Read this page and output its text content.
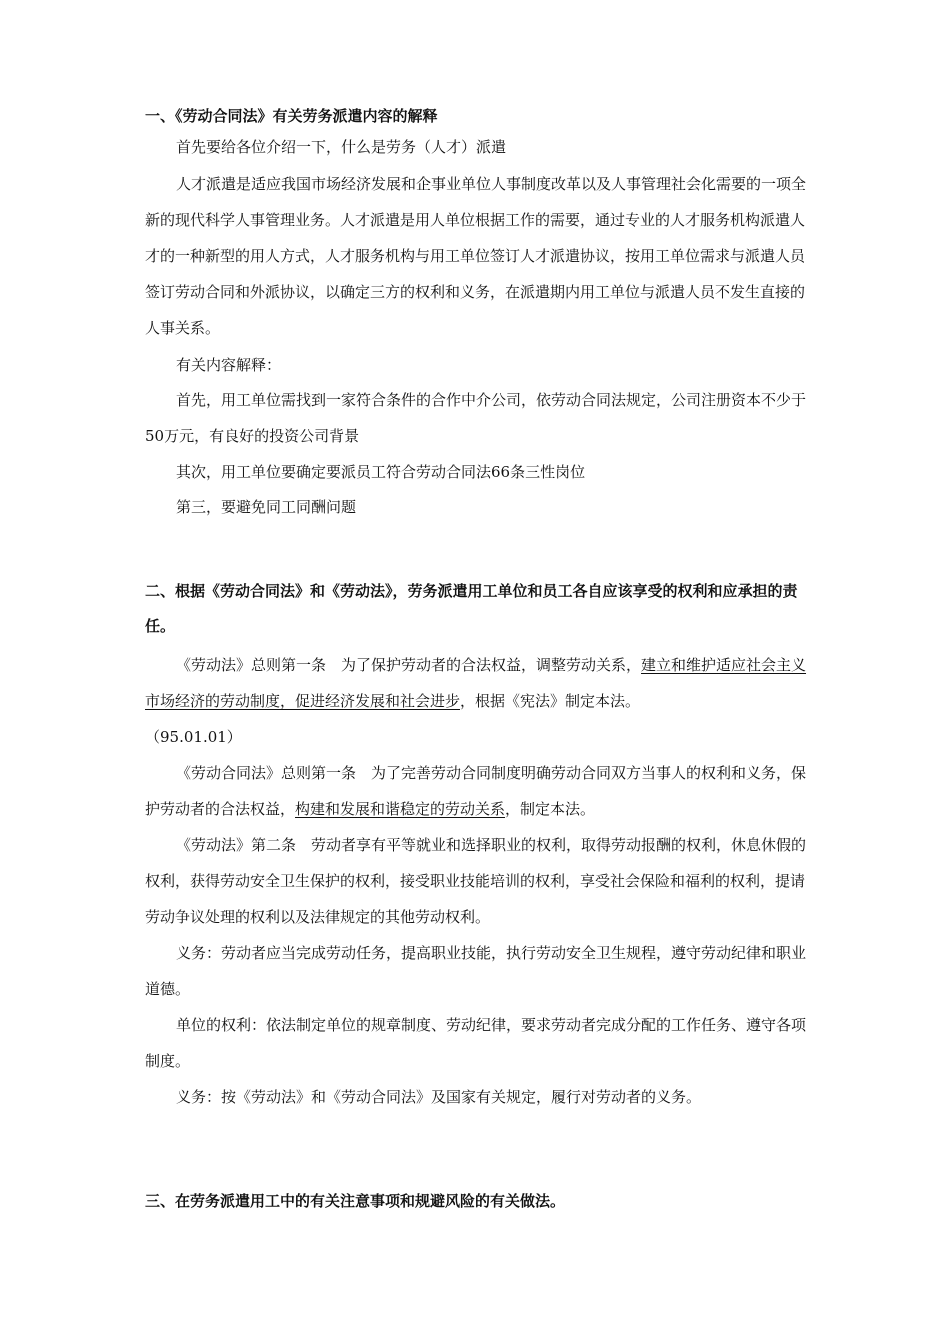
一、《劳动合同法》有关劳务派遣内容的解释

首先要给各位介绍一下，什么是劳务（人才）派遣

人才派遣是适应我国市场经济发展和企事业单位人事制度改革以及人事管理社会化需要的一项全新的现代科学人事管理业务。人才派遣是用人单位根据工作的需要，通过专业的人才服务机构派遣人才的一种新型的用人方式，人才服务机构与用工单位签订人才派遣协议，按用工单位需求与派遣人员签订劳动合同和外派协议，以确定三方的权利和义务，在派遣期内用工单位与派遣人员不发生直接的人事关系。

有关内容解释：

首先，用工单位需找到一家符合条件的合作中介公司，依劳动合同法规定，公司注册资本不少于50万元，有良好的投资公司背景

其次，用工单位要确定要派员工符合劳动合同法66条三性岗位

第三，要避免同工同酬问题

二、根据《劳动合同法》和《劳动法》，劳务派遣用工单位和员工各自应该享受的权利和应承担的责任。

《劳动法》总则第一条　为了保护劳动者的合法权益，调整劳动关系，建立和维护适应社会主义市场经济的劳动制度，促进经济发展和社会进步，根据《宪法》制定本法。

（95.01.01）

《劳动合同法》总则第一条　为了完善劳动合同制度明确劳动合同双方当事人的权利和义务，保护劳动者的合法权益，构建和发展和谐稳定的劳动关系，制定本法。

《劳动法》第二条　劳动者享有平等就业和选择职业的权利，取得劳动报酬的权利，休息休假的权利，获得劳动安全卫生保护的权利，接受职业技能培训的权利，享受社会保险和福利的权利，提请劳动争议处理的权利以及法律规定的其他劳动权利。

义务：劳动者应当完成劳动任务，提高职业技能，执行劳动安全卫生规程，遵守劳动纪律和职业道德。

单位的权利：依法制定单位的规章制度、劳动纪律，要求劳动者完成分配的工作任务、遵守各项制度。

义务：按《劳动法》和《劳动合同法》及国家有关规定，履行对劳动者的义务。

三、在劳务派遣用工中的有关注意事项和规避风险的有关做法。
